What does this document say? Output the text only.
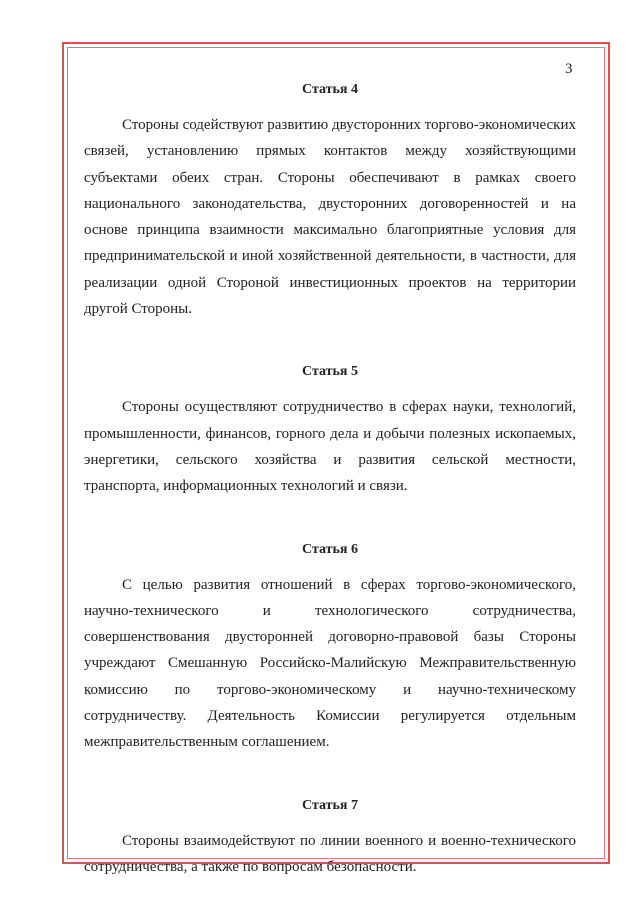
3
Статья 4

Стороны содействуют развитию двусторонних торгово-экономических связей, установлению прямых контактов между хозяйствующими субъектами обеих стран. Стороны обеспечивают в рамках своего национального законодательства, двусторонних договоренностей и на основе принципа взаимности максимально благоприятные условия для предпринимательской и иной хозяйственной деятельности, в частности, для реализации одной Стороной инвестиционных проектов на территории другой Стороны.

Статья 5

Стороны осуществляют сотрудничество в сферах науки, технологий, промышленности, финансов, горного дела и добычи полезных ископаемых, энергетики, сельского хозяйства и развития сельской местности, транспорта, информационных технологий и связи.

Статья 6

С целью развития отношений в сферах торгово-экономического, научно-технического и технологического сотрудничества, совершенствования двусторонней договорно-правовой базы Стороны учреждают Смешанную Российско-Малийскую Межправительственную комиссию по торгово-экономическому и научно-техническому сотрудничеству. Деятельность Комиссии регулируется отдельным межправительственным соглашением.

Статья 7

Стороны взаимодействуют по линии военного и военно-технического сотрудничества, а также по вопросам безопасности.
